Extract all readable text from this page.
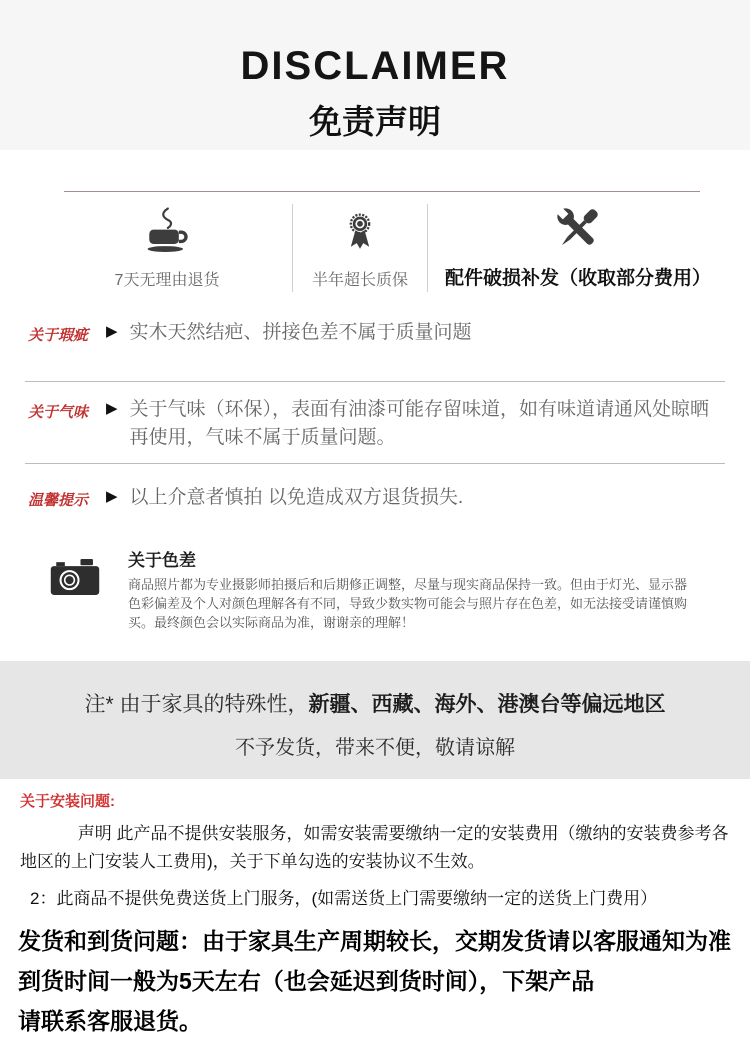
DISCLAIMER
免责声明
7天无理由退货	半年超长质保 配件破损补发（收取部分费用）
关于瑕疵	▶ 实木天然结疤、拼接色差不属于质量问题
关于气味	▶ 关于气味（环保），表面有油漆可能存留味道，如有味道请通风处晾晒再使用，气味不属于质量问题。
温馨提示	▶ 以上介意者慎拍 以免造成双方退货损失.
关于色差
商品照片都为专业摄影师拍摄后和后期修正调整，尽量与现实商品保持一致。但由于灯光、显示器色彩偏差及个人对颜色理解各有不同，导致少数实物可能会与照片存在色差，如无法接受请谨慎购买。最终颜色会以实际商品为准，谢谢亲的理解！
注* 由于家具的特殊性，新疆、西藏、海外、港澳台等偏远地区
不予发货，带来不便，敬请谅解
关于安装问题:
声明 此产品不提供安装服务，如需安装需要缴纳一定的安装费用（缴纳的安装费参考各地区的上门安装人工费用)，关于下单勾选的安装协议不生效。
2：此商品不提供免费送货上门服务，(如需送货上门需要缴纳一定的送货上门费用）
发货和到货问题：由于家具生产周期较长，交期发货请以客服通知为准
到货时间一般为5天左右（也会延迟到货时间），下架产品
请联系客服退货。
